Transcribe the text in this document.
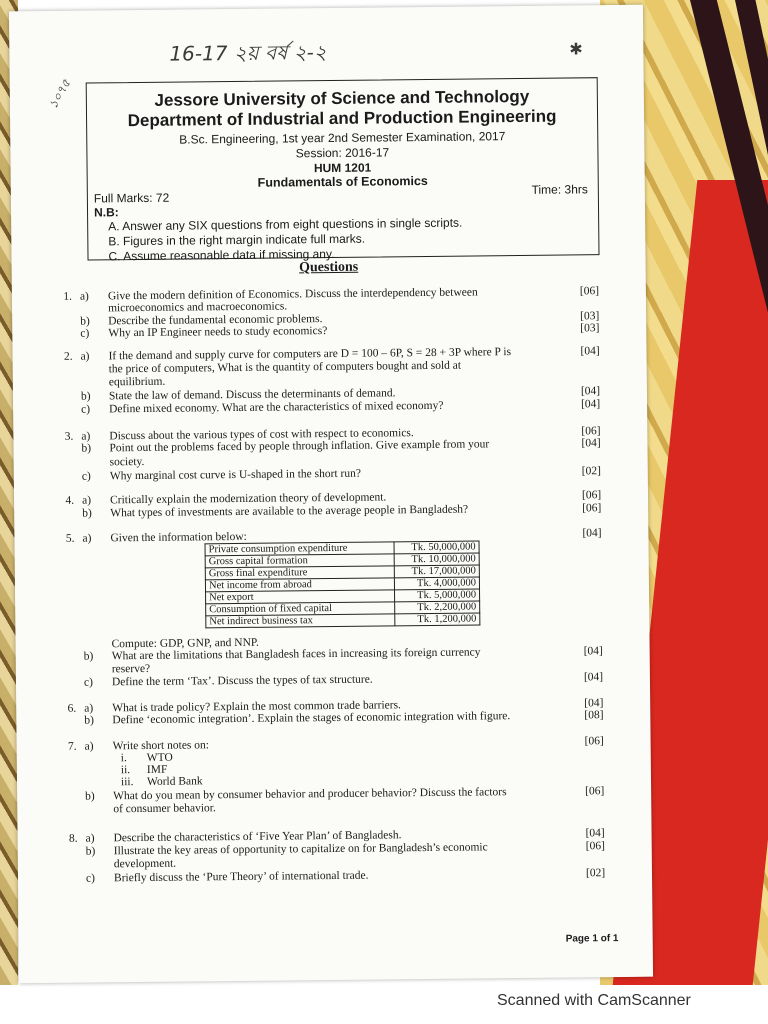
16-17 ২য় বর্ষ ২-২
১০৭৫
✱
Jessore University of Science and Technology
Department of Industrial and Production Engineering
B.Sc. Engineering, 1st year 2nd Semester Examination, 2017
Session: 2016-17
HUM 1201
Fundamentals of Economics
Full Marks: 72
Time: 3hrs
N.B:
A. Answer any SIX questions from eight questions in single scripts.
B. Figures in the right margin indicate full marks.
C. Assume reasonable data if missing any.
Questions
1. a)	Give the modern definition of Economics. Discuss the interdependency between	[06]
microeconomics and macroeconomics.
b)	Describe the fundamental economic problems.	[03]
c)	Why an IP Engineer needs to study economics?	[03]
2. a)	If the demand and supply curve for computers are D = 100 – 6P, S = 28 + 3P where P is	[04]
the price of computers, What is the quantity of computers bought and sold at
equilibrium.
b)	State the law of demand. Discuss the determinants of demand.	[04]
c)	Define mixed economy. What are the characteristics of mixed economy?	[04]
3. a)	Discuss about the various types of cost with respect to economics.	[06]
b)	Point out the problems faced by people through inflation. Give example from your	[04]
society.
c)	Why marginal cost curve is U-shaped in the short run?	[02]
4. a)	Critically explain the modernization theory of development.	[06]
b)	What types of investments are available to the average people in Bangladesh?	[06]
5. a)	Given the information below:	[04]
Private consumption expenditure	Tk. 50,000,000
Gross capital formation	Tk. 10,000,000
Gross final expenditure	Tk. 17,000,000
Net income from abroad	Tk. 4,000,000
Net export	Tk. 5,000,000
Consumption of fixed capital	Tk. 2,200,000
Net indirect business tax	Tk. 1,200,000
Compute: GDP, GNP, and NNP.
b)	What are the limitations that Bangladesh faces in increasing its foreign currency	[04]
reserve?
c)	Define the term ‘Tax’. Discuss the types of tax structure.	[04]
6. a)	What is trade policy? Explain the most common trade barriers.	[04]
b)	Define ‘economic integration’. Explain the stages of economic integration with figure.	[08]
7. a)	Write short notes on:	[06]
i.	WTO
ii.	IMF
iii.	World Bank
b)	What do you mean by consumer behavior and producer behavior? Discuss the factors	[06]
of consumer behavior.
8. a)	Describe the characteristics of ‘Five Year Plan’ of Bangladesh.	[04]
b)	Illustrate the key areas of opportunity to capitalize on for Bangladesh’s economic	[06]
development.
c)	Briefly discuss the ‘Pure Theory’ of international trade.	[02]
Page 1 of 1
Scanned with CamScanner
